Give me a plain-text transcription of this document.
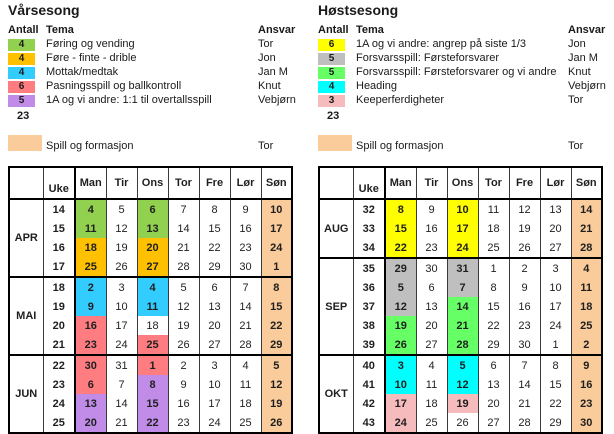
Vårsesong
Antall Tema	Ansvar
4	Føring og vending	Tor
4	Føre - finte - drible	Jon
4	Mottak/medtak	Jan M
6	Pasningsspill og ballkontroll	Knut
5	1A og vi andre: 1:1 til overtallsspill	Vebjørn
23
Spill og formasjon	Tor
	Uke	Man	Tir	Ons	Tor	Fre	Lør	Søn
APR	14	4	5	6	7	8	9	10
	15	11	12	13	14	15	16	17
	16	18	19	20	21	22	23	24
	17	25	26	27	28	29	30	1
MAI	18	2	3	4	5	6	7	8
	19	9	10	11	12	13	14	15
	20	16	17	18	19	20	21	22
	21	23	24	25	26	27	28	29
JUN	22	30	31	1	2	3	4	5
	23	6	7	8	9	10	11	12
	24	13	14	15	16	17	18	19
	25	20	21	22	23	24	25	26
Høstsesong
Antall Tema	Ansvar
6	1A og vi andre: angrep på siste 1/3	Jon
5	Forsvarsspill: Førsteforsvarer	Jan M
5	Forsvarsspill: Førsteforsvarer og vi andre	Knut
4	Heading	Vebjørn
3	Keeperferdigheter	Tor
23
Spill og formasjon	Tor
	Uke	Man	Tir	Ons	Tor	Fre	Lør	Søn
AUG	32	8	9	10	11	12	13	14
	33	15	16	17	18	19	20	21
	34	22	23	24	25	26	27	28
SEP	35	29	30	31	1	2	3	4
	36	5	6	7	8	9	10	11
	37	12	13	14	15	16	17	18
	38	19	20	21	22	23	24	25
	39	26	27	28	29	30	1	2
OKT	40	3	4	5	6	7	8	9
	41	10	11	12	13	14	15	16
	42	17	18	19	20	21	22	23
	43	24	25	26	27	28	29	30
